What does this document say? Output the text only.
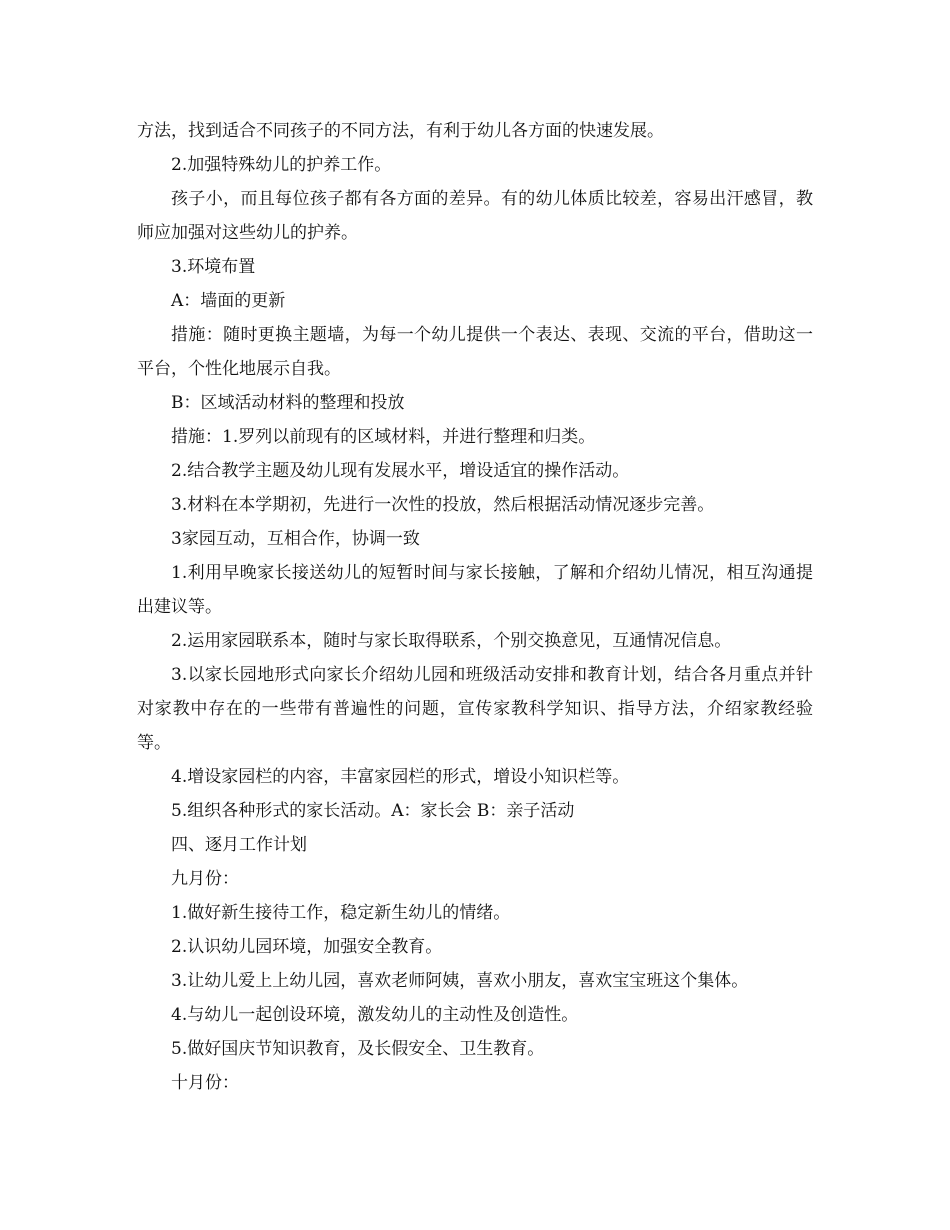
方法，找到适合不同孩子的不同方法，有利于幼儿各方面的快速发展。

2.加强特殊幼儿的护养工作。

孩子小，而且每位孩子都有各方面的差异。有的幼儿体质比较差，容易出汗感冒，教师应加强对这些幼儿的护养。

3.环境布置

A：墙面的更新

措施：随时更换主题墙，为每一个幼儿提供一个表达、表现、交流的平台，借助这一平台，个性化地展示自我。

B：区域活动材料的整理和投放

措施：1.罗列以前现有的区域材料，并进行整理和归类。

2.结合教学主题及幼儿现有发展水平，增设适宜的操作活动。

3.材料在本学期初，先进行一次性的投放，然后根据活动情况逐步完善。

3家园互动，互相合作，协调一致

1.利用早晚家长接送幼儿的短暂时间与家长接触，了解和介绍幼儿情况，相互沟通提出建议等。

2.运用家园联系本，随时与家长取得联系，个别交换意见，互通情况信息。

3.以家长园地形式向家长介绍幼儿园和班级活动安排和教育计划，结合各月重点并针对家教中存在的一些带有普遍性的问题，宣传家教科学知识、指导方法，介绍家教经验等。

4.增设家园栏的内容，丰富家园栏的形式，增设小知识栏等。

5.组织各种形式的家长活动。A：家长会 B：亲子活动

四、逐月工作计划

九月份：

1.做好新生接待工作，稳定新生幼儿的情绪。

2.认识幼儿园环境，加强安全教育。

3.让幼儿爱上上幼儿园，喜欢老师阿姨，喜欢小朋友，喜欢宝宝班这个集体。

4.与幼儿一起创设环境，激发幼儿的主动性及创造性。

5.做好国庆节知识教育，及长假安全、卫生教育。

十月份：
